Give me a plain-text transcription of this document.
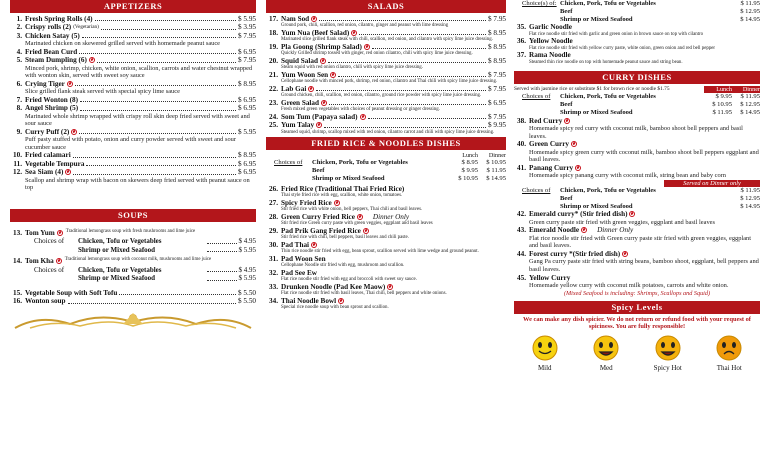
APPETIZERS
1. Fresh Spring Rolls (4)	$ 5.95
2. Crispy rolls (2) (Vegetarian)	$ 3.95
3. Chicken Satay (5)	$ 7.95
Marinated chicken on skewered grilled served with homemade peanut sauce
4. Fried Bean Curd	$ 6.95
5. Steam Dumpling (6)	$ 7.95
Minced pork, shrimp, chicken, white onion, scallion, carrots and water chestnut wrapped with wonton skin, served with sweet soy sauce
6. Crying Tiger	$ 8.95
Slice grilled flank steak served with special spicy lime sauce
7. Fried Wonton (8)	$ 6.95
8. Angel Shrimp (5)	$ 6.95
Marinated whole shrimp wrapped with crispy roll skin deep fried served with sweet and sour sauce
9. Curry Puff (2)	$ 5.95
Puff pasty stuffed with potato, onion and curry powder served with sweet and sour cucumber sauce
10. Fried calamari	$ 8.95
11. Vegetable Tempura	$ 6.95
12. Sea Siam (4)	$ 6.95
Scallop and shrimp wrap with bacon on skewers deep fried served with peanut sauce on top
SOUPS
13. Tom Yum	Traditional lemongrass soup with fresh mushrooms and lime juice
Choices of	Chicken, Tofu or Vegetables	$ 4.95
Shrimp or Mixed Seafood	$ 5.95
14. Tom Kha	Traditional lemongrass soup with coconut milk, mushrooms and lime juice
Choices of	Chicken, Tofu or Vegetables	$ 4.95
Shrimp or Mixed Seafood	$ 5.95
15. Vegetable Soup with Soft Tofu	$ 5.50
16. Wonton soup	$ 5.50
SALADS
17. Nam Sod	$ 7.95
Ground pork, chili, scallion, red onion, cilantro, ginger and peanut with lime dressing
18. Yum Nua (Beef Salad)	$ 8.95
Marinated slice grilled flank steak with chili, scallion, red onion, and cilantro with spicy lime juice dressing.
19. Pla Goong (Shrimp Salad)	$ 8.95
Quickly Grilled shrimp tossed with ginger, red onion cilantro, chili with spicy lime juice dressing.
20. Squid Salad	$ 8.95
Steam squid with red onion cilantro, chili with spicy lime juice dressing.
21. Yum Woon Sen	$ 7.95
Cellophane noodle with minced pork, shrimp, red onion, cilantro and Thai chili with spicy lime juice dressing.
22. Lab Gai	$ 7.95
Ground chicken, chili, scallion, red onion, cilantro, ground rice powder with spicy lime juice dressing.
23. Green Salad	$ 6.95
Fresh mixed green vegetables with choices of peanut dressing or ginger dressing.
24. Som Tum (Papaya salad)	$ 7.95
25. Yum Talay	$ 9.95
Steamed squid, shrimp, scallop mixed with red onion, cilantro carrot and chili with spicy lime juice dressing.
FRIED RICE & NOODLES DISHES
Lunch	Dinner
Choices of	Chicken, Pork, Tofu or Vegetables	$ 8.95	$ 10.95
Beef	$ 9.95	$ 11.95
Shrimp or Mixed Seafood	$ 10.95	$ 14.95
26. Fried Rice (Traditional Thai Fried Rice)
Thai style fried rice with egg, scallion, white onion, tomatoes.
27. Spicy Fried Rice
Stir fried rice with white onion, bell peppers, Thai chili and basil leaves.
28. Green Curry Fried Rice	Dinner Only
Stir fried rice Green curry paste with green veggies, eggplant and basil leaves
29. Pad Prik Gang Fried Rice
Stir fried rice with chili, bell peppers, basil leaves and chili paste.
30. Pad Thai
Thin rice noodle stir fried with egg, bean sprout, scallion served with lime wedge and ground peanut.
31. Pad Woon Sen
Cellophane Noodle stir fried with egg, mushroom and scallion.
32. Pad See Ew
Flat rice noodle stir fried with egg and broccoli with sweet soy sauce.
33. Drunken Noodle (Pad Kee Maow)
Flat rice noodle stir fried with basil leaves, Thai chili, bell peppers and white onions.
34. Thai Noodle Bowl
Special rice noodle soup with bean sprout and scallion.
Choice(s) of: Chicken, Pork, Tofu or Vegetables	$ 11.95
Beef	$ 12.95
Shrimp or Mixed Seafood	$ 14.95
35. Garlic Noodle
Flat rice noodle stir fried with garlic and green onion in brown sauce on top with cilantro
36. Yellow Noodle
Flat rice noodle stir fried with yellow curry paste, white onion, green onion and red bell pepper
37. Rama Noodle
Steamed thin rice noodle on top with homemade peanut sauce and string bean.
CURRY DISHES
Served with jasmine rice or substitute $1 for brown rice or noodle $1.75	Lunch	Dinner
Choices of	Chicken, Pork, Tofu or Vegetables	$ 9.95	$ 11.95
Beef	$ 10.95	$ 12.95
Shrimp or Mixed Seafood	$ 11.95	$ 14.95
38. Red Curry
Homemade spicy red curry with coconut milk, bamboo shoot bell peppers and basil leaves.
40. Green Curry
Homemade spicy green curry with coconut milk, bamboo shoot bell peppers eggplant and basil leaves.
41. Panang Curry
Homemade spicy panang curry with coconut milk, string bean and baby corn
Served on Dinner only
Choices of	Chicken, Pork, Tofu or Vegetables	$ 11.95
Beef	$ 12.95
Shrimp or Mixed Seafood	$ 14.95
42. Emerald curry* (Stir fried dish)
Green curry paste stir fried with green veggies, eggplant and basil leaves
43. Emerald Noodle	Dinner Only
Flat rice noodle stir fried with Green curry paste stir fried with green veggies, eggplant and basil leaves.
44. Forest curry *(Stir fried dish)
Gang Pa curry paste stir fried with string beans, bamboo shoot, eggplant, bell peppers and basil leaves.
45. Yellow Curry
Homemade yellow curry with coconut milk potatoes, carrots and white onion.
(Mixed Seafood is including: Shrimps, Scallops and Squid)
Spicy Levels
We can make any dish spicier. We do not return or refund food with your request of spiciness. You are fully responsible!
Mild	Med	Spicy Hot	Thai Hot
